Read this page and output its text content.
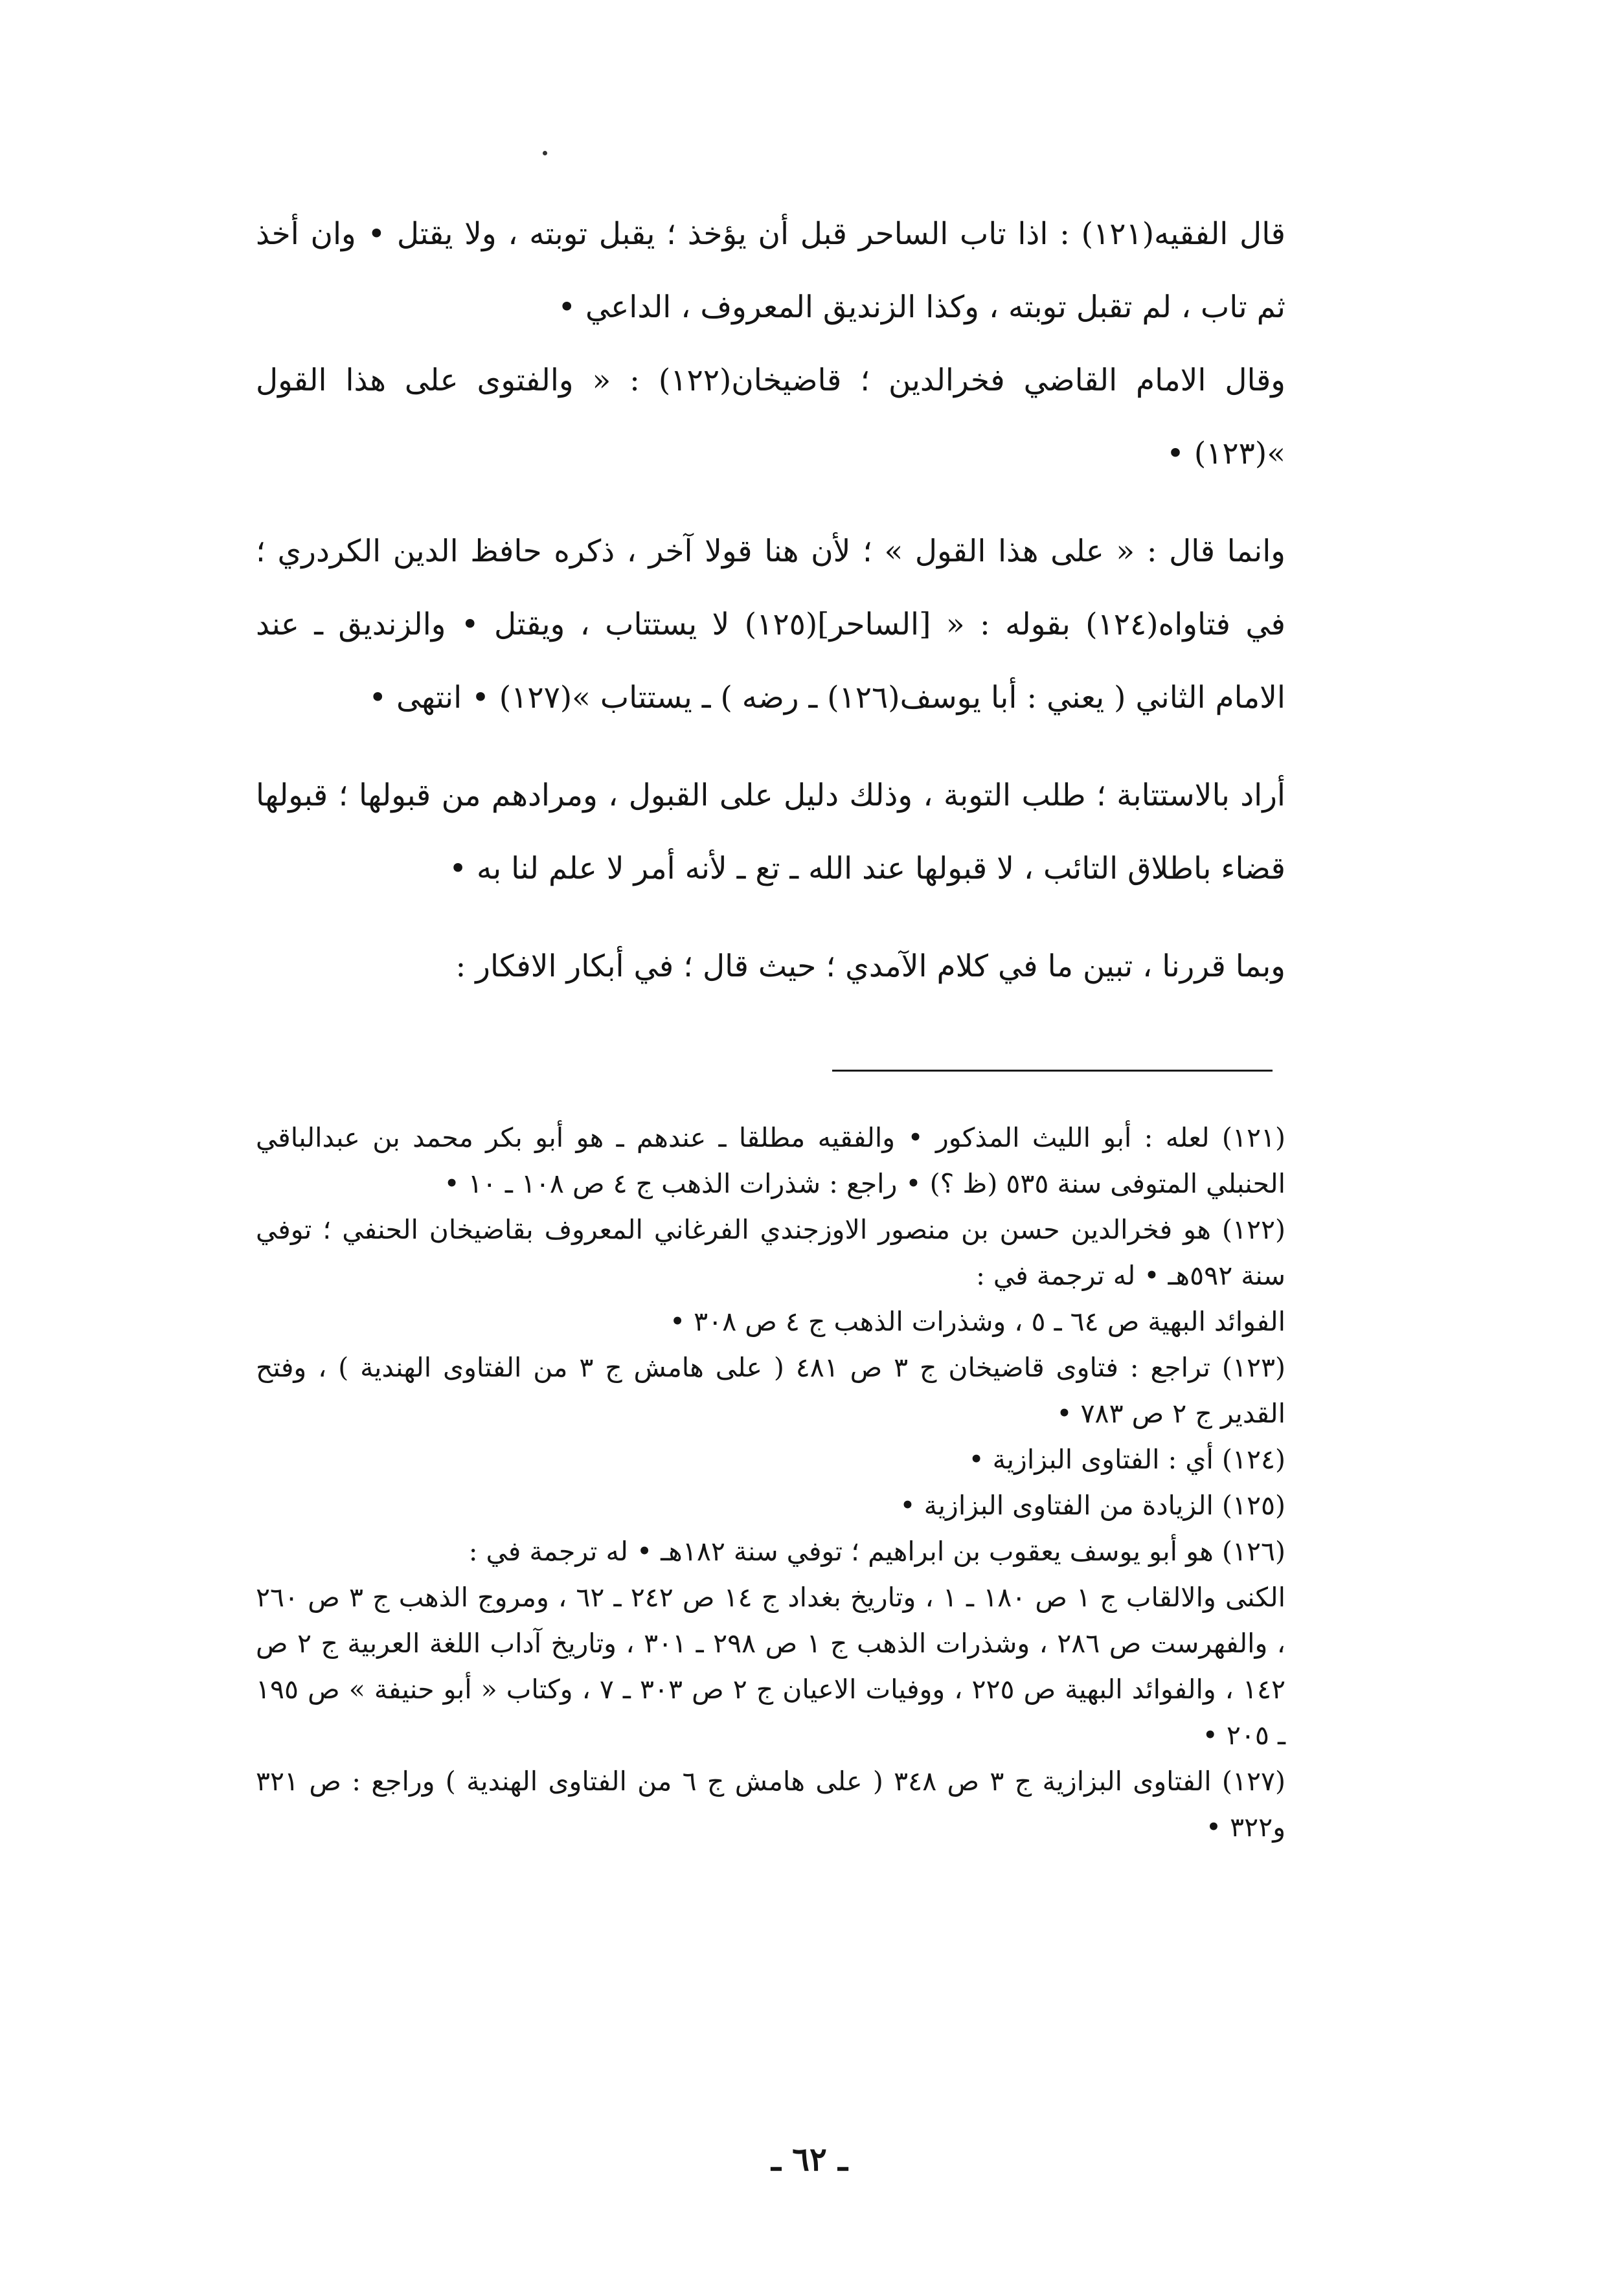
قال الفقيه(١٢١) : اذا تاب الساحر قبل أن يؤخذ ؛ يقبل توبته ، ولا يقتل • وان أخذ ثم تاب ، لم تقبل توبته ، وكذا الزنديق المعروف ، الداعي •

وقال الامام القاضي فخرالدين ؛ قاضيخان(١٢٢) : « والفتوى على هذا القول »(١٢٣) •

وانما قال : « على هذا القول » ؛ لأن هنا قولا آخر ، ذكره حافظ الدين الكردري ؛ في فتاواه(١٢٤) بقوله : « [الساحر](١٢٥) لا يستتاب ، ويقتل • والزنديق ـ عند الامام الثاني ( يعني : أبا يوسف(١٢٦) ـ رضه ) ـ يستتاب »(١٢٧) • انتهى •

أراد بالاستتابة ؛ طلب التوبة ، وذلك دليل على القبول ، ومرادهم من قبولها ؛ قبولها قضاء باطلاق التائب ، لا قبولها عند الله ـ تع ـ لأنه أمر لا علم لنا به •

وبما قررنا ، تبين ما في كلام الآمدي ؛ حيث قال ؛ في أبكار الافكار :

(١٢١) لعله : أبو الليث المذكور • والفقيه مطلقا ـ عندهم ـ هو أبو بكر محمد بن عبدالباقي الحنبلي المتوفى سنة ٥٣٥ (ظ ؟) • راجع : شذرات الذهب ج ٤ ص ١٠٨ ـ ١٠ •

(١٢٢) هو فخرالدين حسن بن منصور الاوزجندي الفرغاني المعروف بقاضيخان الحنفي ؛ توفي سنة ٥٩٢هـ • له ترجمة في :

الفوائد البهية ص ٦٤ ـ ٥ ، وشذرات الذهب ج ٤ ص ٣٠٨ •

(١٢٣) تراجع : فتاوى قاضيخان ج ٣ ص ٤٨١ ( على هامش ج ٣ من الفتاوى الهندية ) ، وفتح القدير ج ٢ ص ٧٨٣ •

(١٢٤) أي : الفتاوى البزازية •

(١٢٥) الزيادة من الفتاوى البزازية •

(١٢٦) هو أبو يوسف يعقوب بن ابراهيم ؛ توفي سنة ١٨٢هـ • له ترجمة في :

الكنى والالقاب ج ١ ص ١٨٠ ـ ١ ، وتاريخ بغداد ج ١٤ ص ٢٤٢ ـ ٦٢ ، ومروج الذهب ج ٣ ص ٢٦٠ ، والفهرست ص ٢٨٦ ، وشذرات الذهب ج ١ ص ٢٩٨ ـ ٣٠١ ، وتاريخ آداب اللغة العربية ج ٢ ص ١٤٢ ، والفوائد البهية ص ٢٢٥ ، ووفيات الاعيان ج ٢ ص ٣٠٣ ـ ٧ ، وكتاب « أبو حنيفة » ص ١٩٥ ـ ٢٠٥ •

(١٢٧) الفتاوى البزازية ج ٣ ص ٣٤٨ ( على هامش ج ٦ من الفتاوى الهندية ) وراجع : ص ٣٢١ و٣٢٢ •

ـ ٦٢ ـ
